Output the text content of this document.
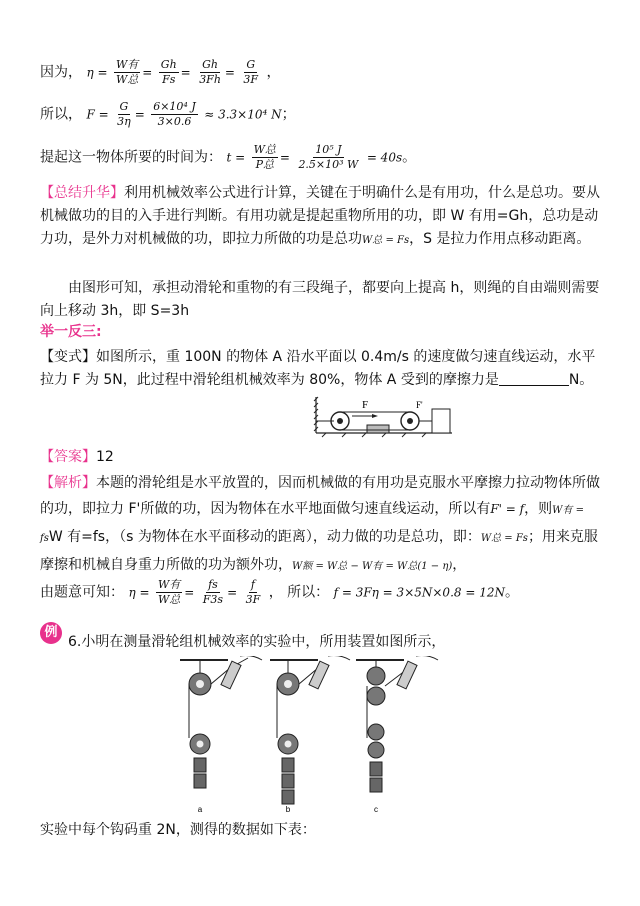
因为， $\eta = \frac{\text{W有}}{\text{W总}} = \frac{Gh}{Fs} = \frac{Gh}{3Fh} = \frac{G}{3F}$ ，
所以， $F = \frac{G}{3\eta} = \frac{\text{6×10⁴ J}}{3\times 0.6} \approx 3.3\times 10^4$ N；
提起这一物体所要的时间为： $t = \frac{\text{W总}}{\text{P总}} = \frac{\text{10⁵ J}}{\text{2.5×10³ W}} = 40s$。
【总结升华】利用机械效率公式进行计算，关键在于明确什么是有用功，什么是总功。要从机械做功的目的入手进行判断。有用功就是提起重物所用的功，即 W 有用=Gh，总功是动力功，是外力对机械做的功，即拉力所做的功是总功W总 = Fs，S 是拉力作用点移动距离。
由图形可知，承担动滑轮和重物的有三段绳子，都要向上提高 h，则绳的自由端则需要向上移动 3h，即 S=3h
举一反三:
【变式】如图所示，重 100N 的物体 A 沿水平面以 0.4m/s 的速度做匀速直线运动，水平拉力 F 为 5N，此过程中滑轮组机械效率为 80%，物体 A 受到的摩擦力是	N。
F	F'
【答案】12
【解析】本题的滑轮组是水平放置的，因而机械做的有用功是克服水平摩擦力拉动物体所做的功，即拉力 F'所做的功，因为物体在水平地面做匀速直线运动，所以有F' = f，则W有 = fsW 有=fs，（s 为物体在水平面移动的距离），动力做的功是总功，即：W总 = Fs；用来克服摩擦和机械自身重力所做的功为额外功，W额 = W总 − W有 = W总(1 − η)，
由题意可知： $\eta = \frac{\text{W有}}{\text{W总}} = \frac{fs}{F3s} = \frac{f}{3F}$ ， 所以： f = 3Fη = 3×5N×0.8 = 12N。
例
6.小明在测量滑轮组机械效率的实验中，所用装置如图所示，
a	b	c
实验中每个钩码重 2N，测得的数据如下表：
